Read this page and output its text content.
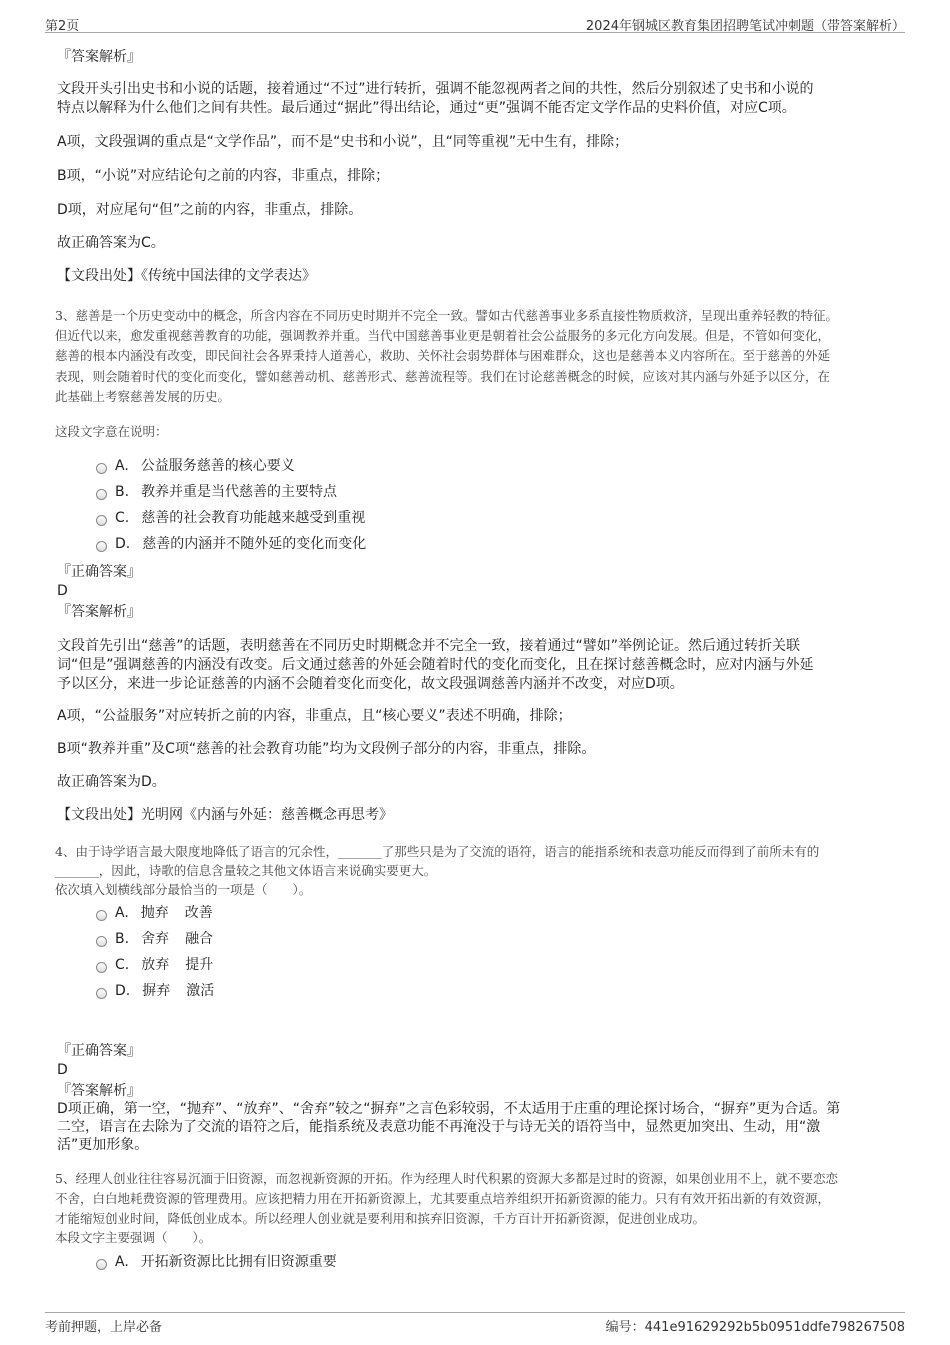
第2页	2024年钢城区教育集团招聘笔试冲刺题（带答案解析）
『答案解析』
文段开头引出史书和小说的话题，接着通过“不过”进行转折，强调不能忽视两者之间的共性，然后分别叙述了史书和小说的
特点以解释为什么他们之间有共性。最后通过“据此”得出结论，通过“更”强调不能否定文学作品的史料价值，对应C项。
A项，文段强调的重点是“文学作品”，而不是“史书和小说”，且“同等重视”无中生有，排除；
B项，“小说”对应结论句之前的内容，非重点，排除；
D项，对应尾句“但”之前的内容，非重点，排除。
故正确答案为C。
【文段出处】《传统中国法律的文学表达》
3、慈善是一个历史变动中的概念，所含内容在不同历史时期并不完全一致。譬如古代慈善事业多系直接性物质救济，呈现出重养轻教的特征。
但近代以来，愈发重视慈善教育的功能，强调教养并重。当代中国慈善事业更是朝着社会公益服务的多元化方向发展。但是，不管如何变化，
慈善的根本内涵没有改变，即民间社会各界秉持人道善心，救助、关怀社会弱势群体与困难群众，这也是慈善本义内容所在。至于慈善的外延
表现，则会随着时代的变化而变化，譬如慈善动机、慈善形式、慈善流程等。我们在讨论慈善概念的时候，应该对其内涵与外延予以区分，在
此基础上考察慈善发展的历史。
这段文字意在说明：
A. 公益服务慈善的核心要义
B. 教养并重是当代慈善的主要特点
C. 慈善的社会教育功能越来越受到重视
D. 慈善的内涵并不随外延的变化而变化
『正确答案』
D
『答案解析』
文段首先引出“慈善”的话题，表明慈善在不同历史时期概念并不完全一致，接着通过“譬如”举例论证。然后通过转折关联
词“但是”强调慈善的内涵没有改变。后文通过慈善的外延会随着时代的变化而变化，且在探讨慈善概念时，应对内涵与外延
予以区分，来进一步论证慈善的内涵不会随着变化而变化，故文段强调慈善内涵并不改变，对应D项。
A项，“公益服务”对应转折之前的内容，非重点，且“核心要义”表述不明确，排除；
B项“教养并重”及C项“慈善的社会教育功能”均为文段例子部分的内容，非重点，排除。
故正确答案为D。
【文段出处】光明网《内涵与外延：慈善概念再思考》
4、由于诗学语言最大限度地降低了语言的冗余性，_______了那些只是为了交流的语符，语言的能指系统和表意功能反而得到了前所未有的
_______，因此，诗歌的信息含量较之其他文体语言来说确实要更大。
依次填入划横线部分最恰当的一项是（　　）。
A. 抛弃 改善
B. 舍弃 融合
C. 放弃 提升
D. 摒弃 激活
『正确答案』
D
『答案解析』
D项正确，第一空，“抛弃”、“放弃”、“舍弃”较之“摒弃”之言色彩较弱，不太适用于庄重的理论探讨场合，“摒弃”更为合适。第
二空，语言在去除为了交流的语符之后，能指系统及表意功能不再淹没于与诗无关的语符当中，显然更加突出、生动，用“激
活”更加形象。
5、经理人创业往往容易沉湎于旧资源，而忽视新资源的开拓。作为经理人时代积累的资源大多都是过时的资源，如果创业用不上，就不要恋恋
不舍，白白地耗费资源的管理费用。应该把精力用在开拓新资源上，尤其要重点培养组织开拓新资源的能力。只有有效开拓出新的有效资源，
才能缩短创业时间，降低创业成本。所以经理人创业就是要利用和摈弃旧资源，千方百计开拓新资源，促进创业成功。
本段文字主要强调（　　）。
A. 开拓新资源比比拥有旧资源重要
考前押题，上岸必备	编号：441e91629292b5b0951ddfe798267508
